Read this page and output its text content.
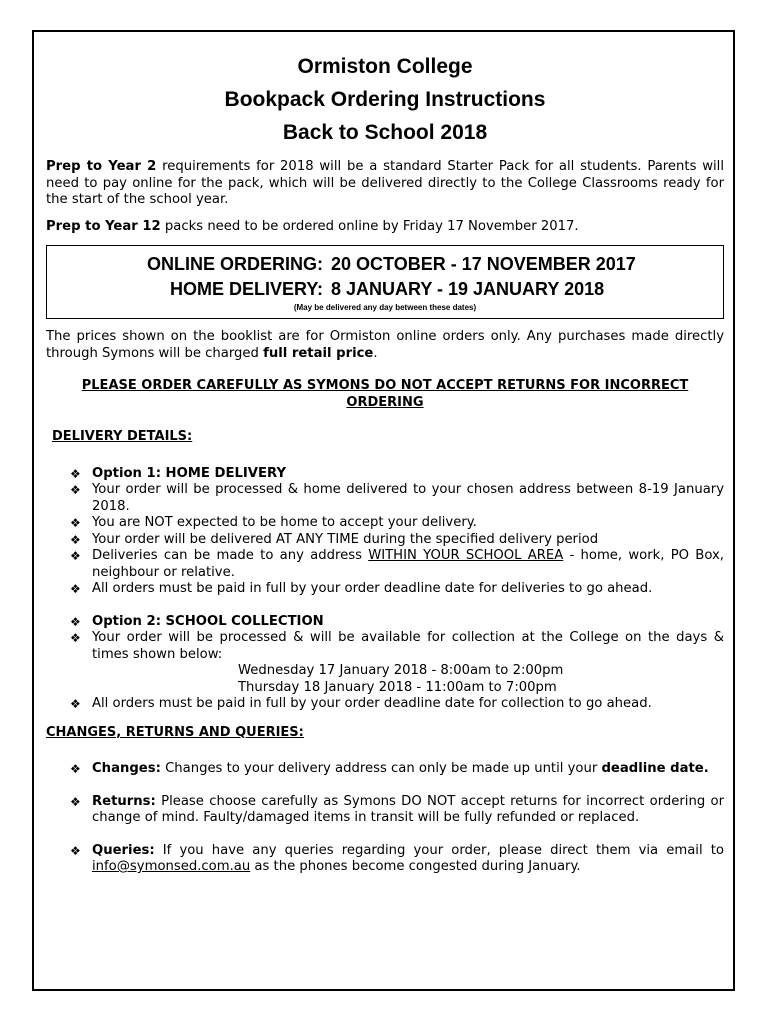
Ormiston College
Bookpack Ordering Instructions
Back to School 2018

Prep to Year 2 requirements for 2018 will be a standard Starter Pack for all students. Parents will need to pay online for the pack, which will be delivered directly to the College Classrooms ready for the start of the school year.

Prep to Year 12 packs need to be ordered online by Friday 17 November 2017.

ONLINE ORDERING: 20 OCTOBER - 17 NOVEMBER 2017
HOME DELIVERY: 8 JANUARY - 19 JANUARY 2018
(May be delivered any day between these dates)

The prices shown on the booklist are for Ormiston online orders only. Any purchases made directly through Symons will be charged full retail price.

PLEASE ORDER CAREFULLY AS SYMONS DO NOT ACCEPT RETURNS FOR INCORRECT ORDERING
DELIVERY DETAILS:
❖ Option 1: HOME DELIVERY
❖ Your order will be processed & home delivered to your chosen address between 8-19 January 2018.
❖ You are NOT expected to be home to accept your delivery.
❖ Your order will be delivered AT ANY TIME during the specified delivery period
❖ Deliveries can be made to any address WITHIN YOUR SCHOOL AREA - home, work, PO Box, neighbour or relative.
❖ All orders must be paid in full by your order deadline date for deliveries to go ahead.
❖ Option 2: SCHOOL COLLECTION
❖ Your order will be processed & will be available for collection at the College on the days & times shown below:
Wednesday 17 January 2018 - 8:00am to 2:00pm
Thursday 18 January 2018 - 11:00am to 7:00pm
❖ All orders must be paid in full by your order deadline date for collection to go ahead.
CHANGES, RETURNS AND QUERIES:
❖ Changes: Changes to your delivery address can only be made up until your deadline date.
❖ Returns: Please choose carefully as Symons DO NOT accept returns for incorrect ordering or change of mind. Faulty/damaged items in transit will be fully refunded or replaced.
❖ Queries: If you have any queries regarding your order, please direct them via email to info@symonsed.com.au as the phones become congested during January.
